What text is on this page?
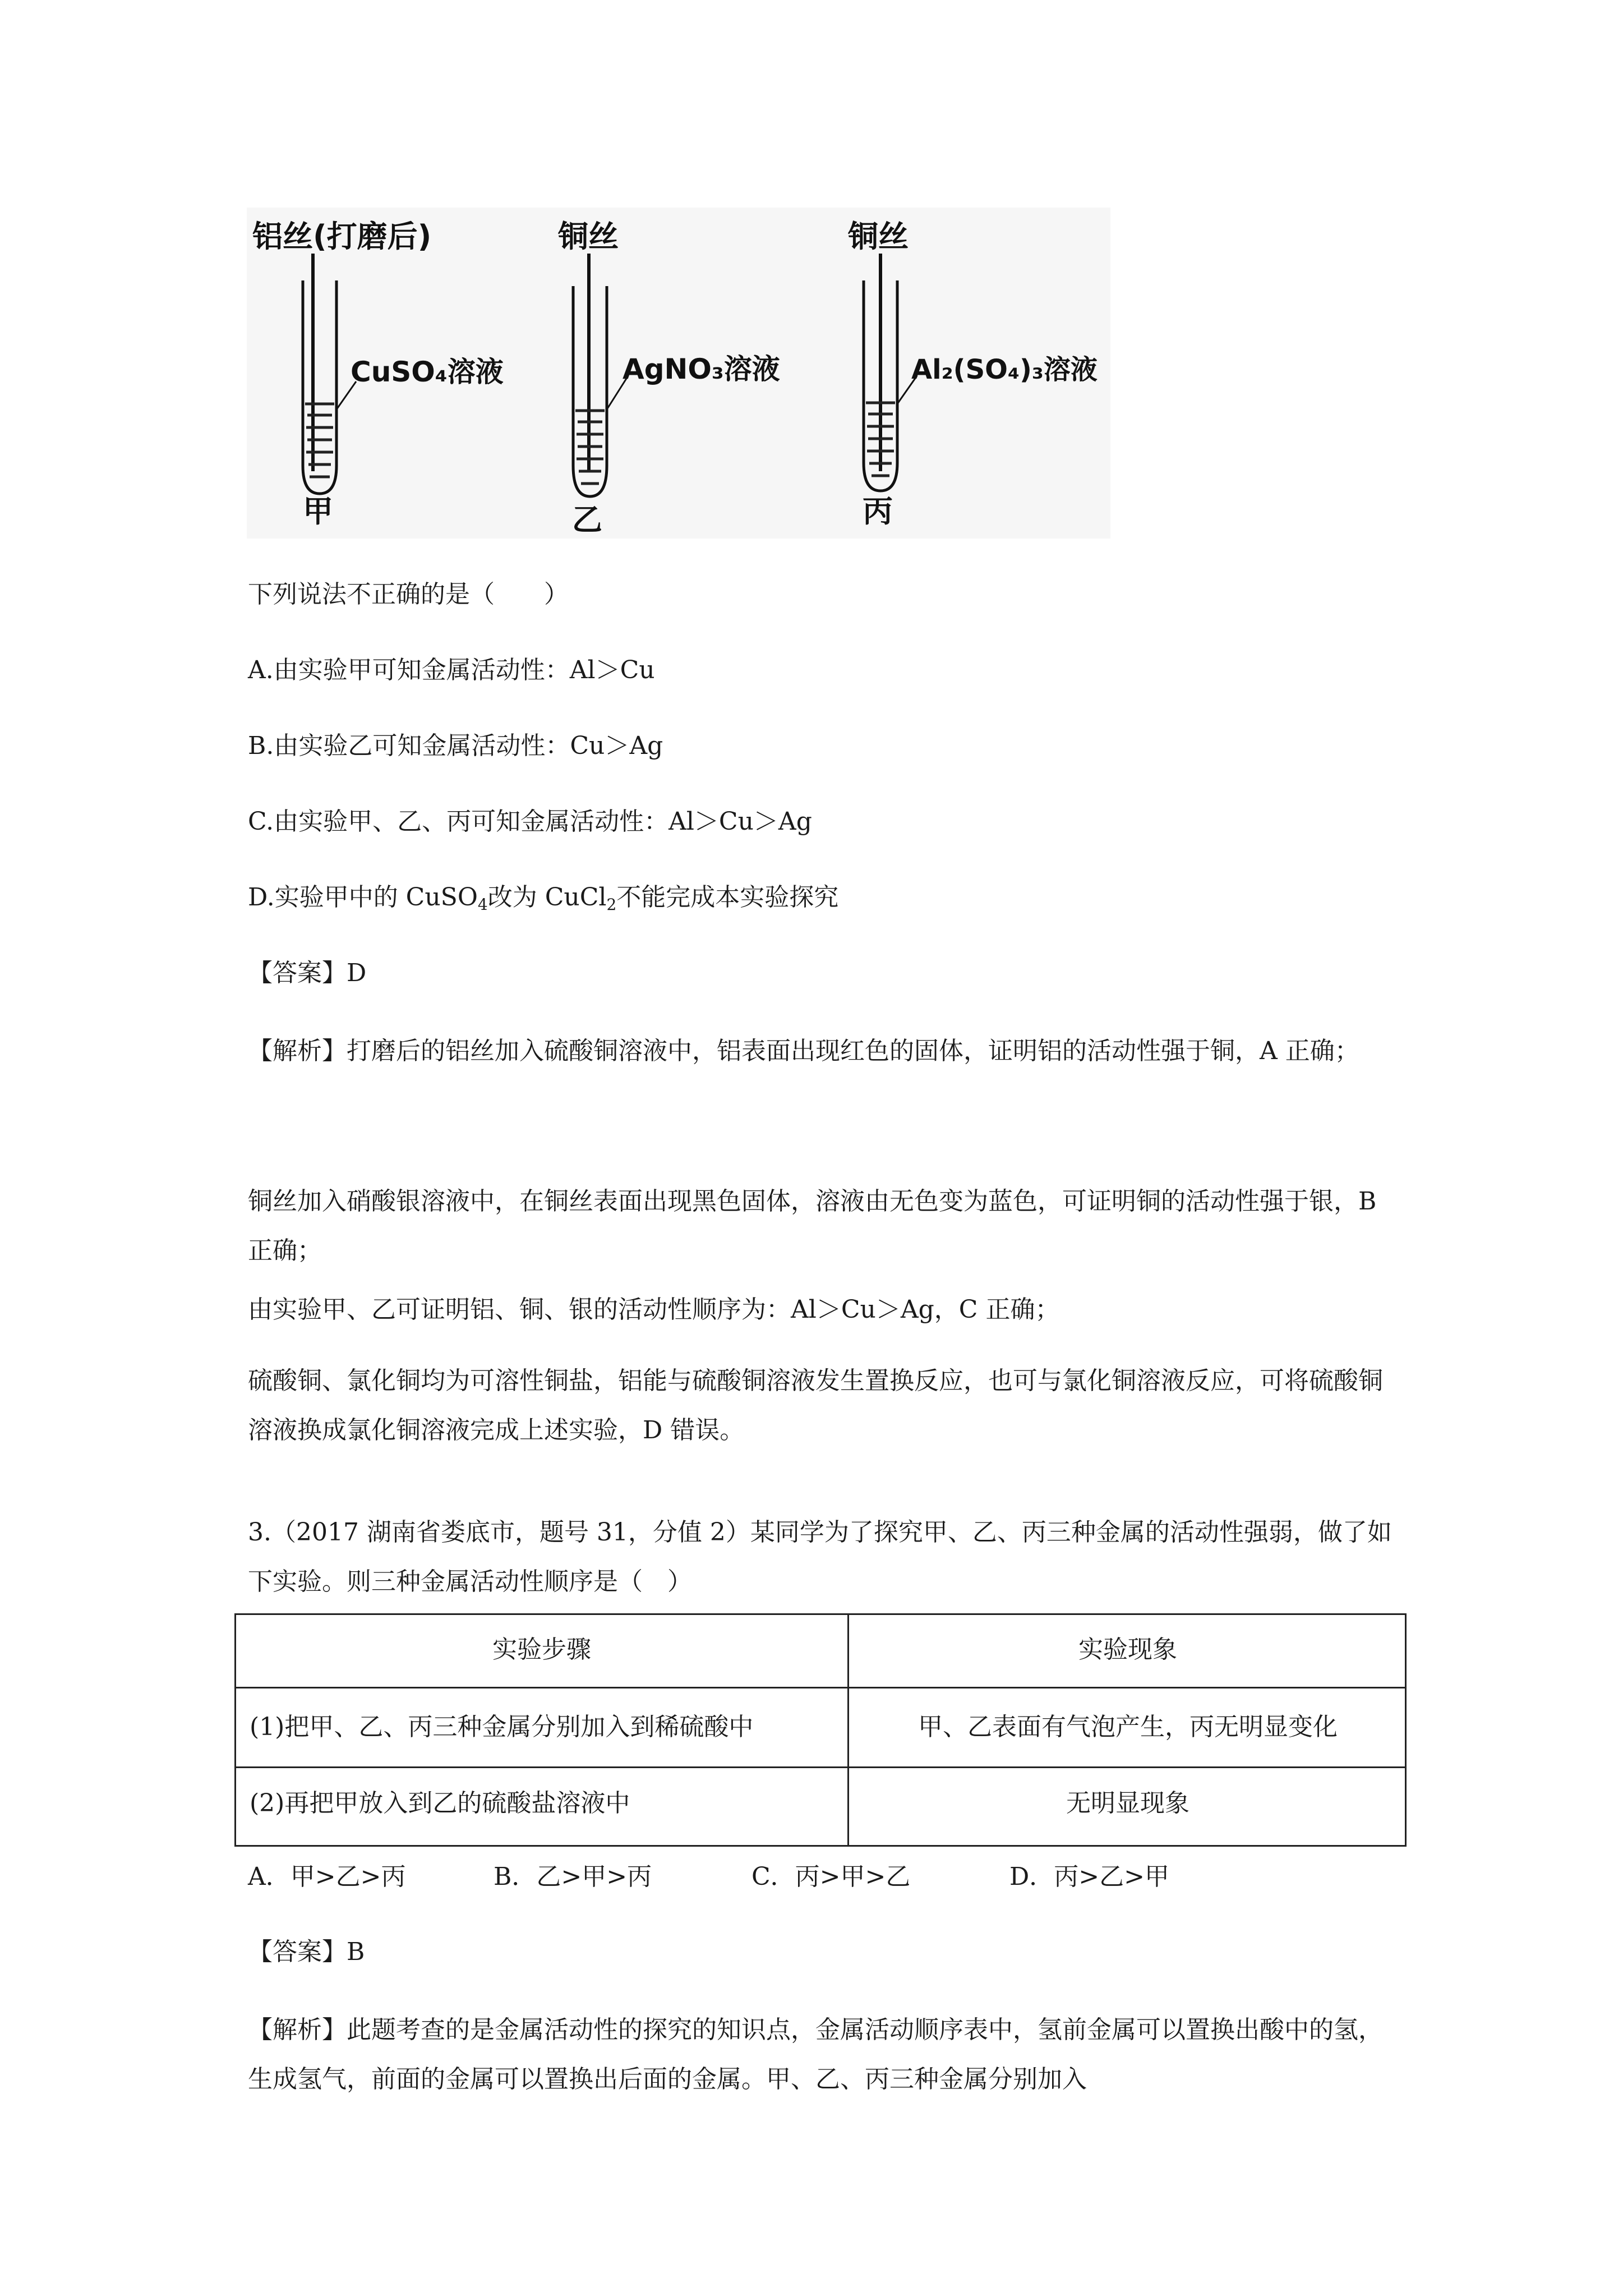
铝丝(打磨后)
CuSO₄溶液
甲
铜丝
AgNO₃溶液
乙
铜丝
Al₂(SO₄)₃溶液
丙
下列说法不正确的是（　　）
A.由实验甲可知金属活动性：Al＞Cu
B.由实验乙可知金属活动性：Cu＞Ag
C.由实验甲、乙、丙可知金属活动性：Al＞Cu＞Ag
D.实验甲中的 CuSO$_4$改为 CuCl$_2$不能完成本实验探究
【答案】D
【解析】打磨后的铝丝加入硫酸铜溶液中，铝表面出现红色的固体，证明铝的活动性强于铜，A 正确；
铜丝加入硝酸银溶液中，在铜丝表面出现黑色固体，溶液由无色变为蓝色，可证明铜的活动性强于银，B 正确；
由实验甲、乙可证明铝、铜、银的活动性顺序为：Al＞Cu＞Ag，C 正确；
硫酸铜、氯化铜均为可溶性铜盐，铝能与硫酸铜溶液发生置换反应，也可与氯化铜溶液反应，可将硫酸铜溶液换成氯化铜溶液完成上述实验，D 错误。
3.（2017 湖南省娄底市，题号 31，分值 2）某同学为了探究甲、乙、丙三种金属的活动性强弱，做了如下实验。则三种金属活动性顺序是（　）
实验步骤	实验现象
(1)把甲、乙、丙三种金属分别加入到稀硫酸中	甲、乙表面有气泡产生，丙无明显变化
(2)再把甲放入到乙的硫酸盐溶液中	无明显现象
A．甲>乙>丙	B．乙>甲>丙	C．丙>甲>乙	D．丙>乙>甲
【答案】B
【解析】此题考查的是金属活动性的探究的知识点，金属活动顺序表中，氢前金属可以置换出酸中的氢，生成氢气，前面的金属可以置换出后面的金属。甲、乙、丙三种金属分别加入
